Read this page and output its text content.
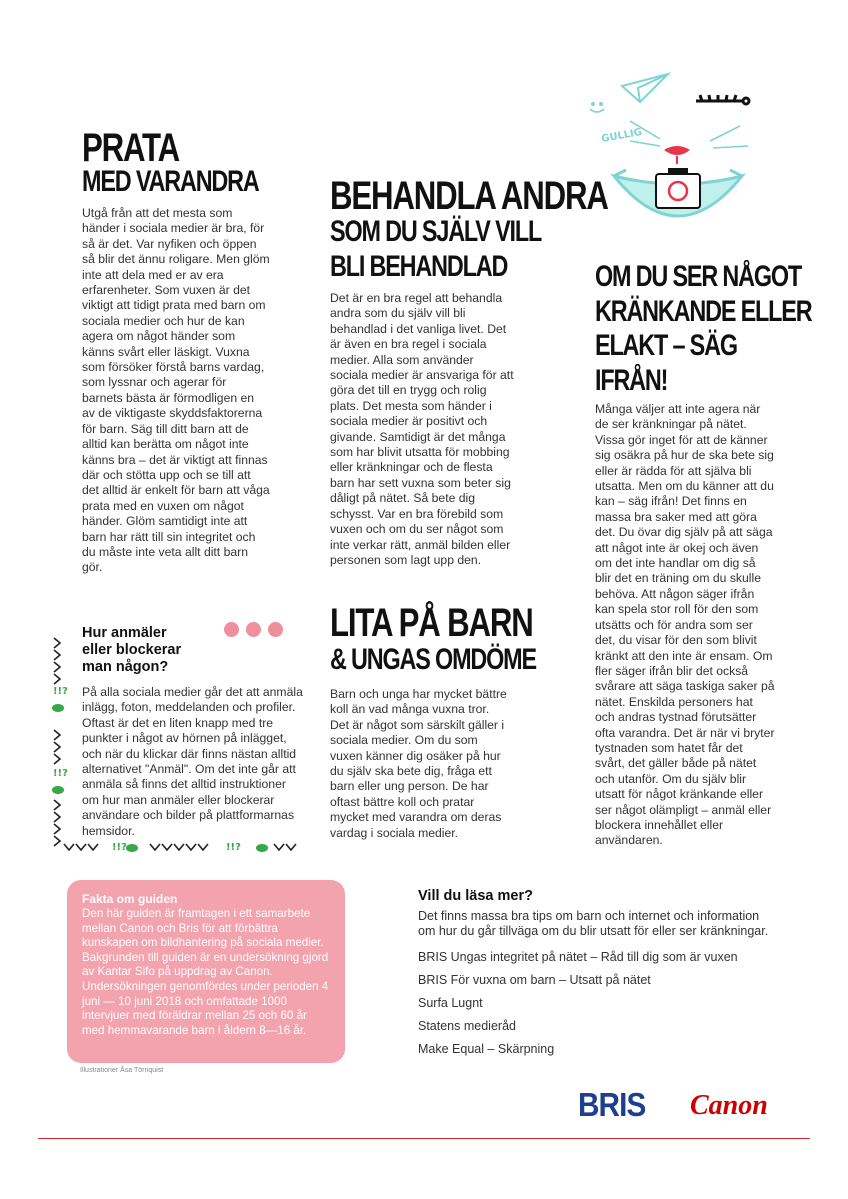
PRATA
MED VARANDRA
Utgå från att det mesta som händer i sociala medier är bra, för så är det. Var nyfiken och öppen så blir det ännu roligare. Men glöm inte att dela med er av era erfarenheter. Som vuxen är det viktigt att tidigt prata med barn om sociala medier och hur de kan agera om något händer som känns svårt eller läskigt. Vuxna som försöker förstå barns vardag, som lyssnar och agerar för barnets bästa är förmodligen en av de viktigaste skyddsfaktorerna för barn. Säg till ditt barn att de alltid kan berätta om något inte känns bra – det är viktigt att finnas där och stötta upp och se till att det alltid är enkelt för barn att våga prata med en vuxen om något händer. Glöm samtidigt inte att barn har rätt till sin integritet och du måste inte veta allt ditt barn gör.
!!?
!!?
!!?	!!?
Hur anmäler
eller blockerar
man någon?
På alla sociala medier går det att anmäla inlägg, foton, meddelanden och profiler. Oftast är det en liten knapp med tre punkter i något av hörnen på inlägget, och när du klickar där finns nästan alltid alternativet "Anmäl". Om det inte går att anmäla så finns det alltid instruktioner om hur man anmäler eller blockerar användare och bilder på plattformarnas hemsidor.
BEHANDLA ANDRA
SOM DU SJÄLV VILL
BLI BEHANDLAD
Det är en bra regel att behandla andra som du själv vill bli behandlad i det vanliga livet. Det är även en bra regel i sociala medier. Alla som använder sociala medier är ansvariga för att göra det till en trygg och rolig plats. Det mesta som händer i sociala medier är positivt och givande. Samtidigt är det många som har blivit utsatta för mobbing eller kränkningar och de flesta barn har sett vuxna som beter sig dåligt på nätet. Så bete dig schysst. Var en bra förebild som vuxen och om du ser något som inte verkar rätt, anmäl bilden eller personen som lagt upp den.
LITA PÅ BARN
& UNGAS OMDÖME
Barn och unga har mycket bättre koll än vad många vuxna tror. Det är något som särskilt gäller i sociala medier. Om du som vuxen känner dig osäker på hur du själv ska bete dig, fråga ett barn eller ung person. De har oftast bättre koll och pratar mycket med varandra om deras vardag i sociala medier.
GULLIG
OM DU SER NÅGOT
KRÄNKANDE ELLER
ELAKT – SÄG
IFRÅN!
Många väljer att inte agera när de ser kränkningar på nätet. Vissa gör inget för att de känner sig osäkra på hur de ska bete sig eller är rädda för att själva bli utsatta. Men om du känner att du kan – säg ifrån! Det finns en massa bra saker med att göra det. Du övar dig själv på att säga att något inte är okej och även om det inte handlar om dig så blir det en träning om du skulle behöva. Att någon säger ifrån kan spela stor roll för den som utsätts och för andra som ser det, du visar för den som blivit kränkt att den inte är ensam. Om fler säger ifrån blir det också svårare att säga taskiga saker på nätet. Enskilda personers hat och andras tystnad förutsätter ofta varandra. Det är när vi bryter tystnaden som hatet får det svårt, det gäller både på nätet och utanför. Om du själv blir utsatt för något kränkande eller ser något olämpligt – anmäl eller blockera innehållet eller användaren.
Fakta om guiden
Den här guiden är framtagen i ett samarbete mellan Canon och Bris för att förbättra kunskapen om bildhantering på sociala medier. Bakgrunden till guiden är en undersökning gjord av Kantar Sifo på uppdrag av Canon. Undersökningen genomfördes under perioden 4 juni — 10 juni 2018 och omfattade 1000 intervjuer med föräldrar mellan 25 och 60 år med hemmavarande barn i åldern 8—16 år.
Illustrationer Åsa Törnquist
Vill du läsa mer?
Det finns massa bra tips om barn och internet och information om hur du går tillväga om du blir utsatt för eller ser kränkningar.
BRIS Ungas integritet på nätet – Råd till dig som är vuxen
BRIS För vuxna om barn – Utsatt på nätet
Surfa Lugnt
Statens medieråd
Make Equal – Skärpning
BRIS Canon
